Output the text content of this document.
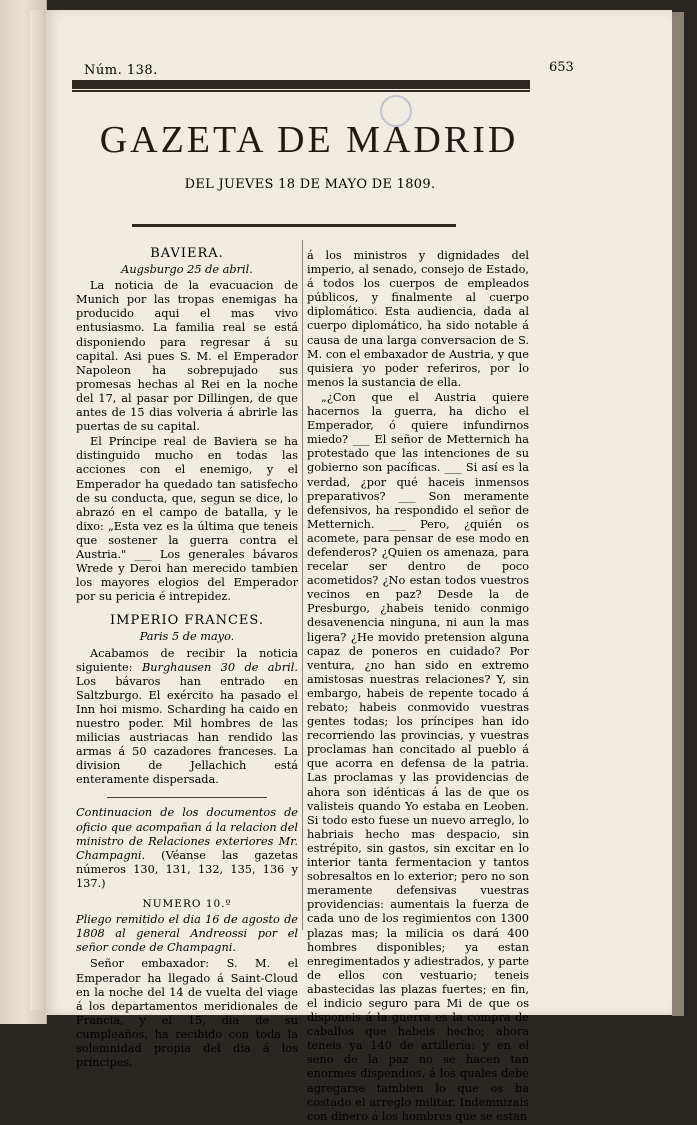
Núm. 138.	653
GAZETA DE MADRID
DEL JUEVES 18 DE MAYO DE 1809.
BAVIERA.
Augsburgo 25 de abril.

La noticia de la evacuacion de Munich por las tropas enemigas ha producido aqui el mas vivo entusiasmo. La familia real se está disponiendo para regresar á su capital. Asi pues S. M. el Emperador Napoleon ha sobrepujado sus promesas hechas al Rei en la noche del 17, al pasar por Dillingen, de que antes de 15 dias volveria á abrirle las puertas de su capital.

El Príncipe real de Baviera se ha distinguido mucho en todas las acciones con el enemigo, y el Emperador ha quedado tan satisfecho de su conducta, que, segun se dice, lo abrazó en el campo de batalla, y le dixo: „Esta vez es la última que teneis que sostener la guerra contra el Austria." ___ Los generales bávaros Wrede y Deroi han merecido tambien los mayores elogios del Emperador por su pericia é intrepidez.

IMPERIO FRANCES.
Paris 5 de mayo.

Acabamos de recibir la noticia siguiente: Burghausen 30 de abril. Los bávaros han entrado en Saltzburgo. El exército ha pasado el Inn hoi mismo. Scharding ha caido en nuestro poder. Mil hombres de las milicias austriacas han rendido las armas á 50 cazadores franceses. La division de Jellachich está enteramente dispersada.

Continuacion de los documentos de oficio que acompañan á la relacion del ministro de Relaciones exteriores Mr. Champagni. (Véanse las gazetas números 130, 131, 132, 135, 136 y 137.)

NUMERO 10.º

Pliego remitido el dia 16 de agosto de 1808 al general Andreossi por el señor conde de Champagni.

Señor embaxador: S. M. el Emperador ha llegado á Saint-Cloud en la noche del 14 de vuelta del viage á los departamentos meridionales de Francia, y el 15, dia de su cumpleaños, ha recibido con toda la solemnidad propia del dia á los príncipes,

á los ministros y dignidades del imperio, al senado, consejo de Estado, á todos los cuerpos de empleados públicos, y finalmente al cuerpo diplomático. Esta audiencia, dada al cuerpo diplomático, ha sido notable á causa de una larga conversacion de S. M. con el embaxador de Austria, y que quisiera yo poder referiros, por lo menos la sustancia de ella.

„¿Con que el Austria quiere hacernos la guerra, ha dicho el Emperador, ó quiere infundirnos miedo? ___ El señor de Metternich ha protestado que las intenciones de su gobierno son pacíficas. ___ Si así es la verdad, ¿por qué haceis inmensos preparativos? ___ Son meramente defensivos, ha respondido el señor de Metternich. ___ Pero, ¿quién os acomete, para pensar de ese modo en defenderos? ¿Quien os amenaza, para recelar ser dentro de poco acometidos? ¿No estan todos vuestros vecinos en paz? Desde la de Presburgo, ¿habeis tenido conmigo desavenencia ninguna, ni aun la mas ligera? ¿He movido pretension alguna capaz de poneros en cuidado? Por ventura, ¿no han sido en extremo amistosas nuestras relaciones? Y, sin embargo, habeis de repente tocado á rebato; habeis conmovido vuestras gentes todas; los príncipes han ido recorriendo las provincias, y vuestras proclamas han concitado al pueblo á que acorra en defensa de la patria. Las proclamas y las providencias de ahora son idénticas á las de que os valisteis quando Yo estaba en Leoben. Si todo esto fuese un nuevo arreglo, lo habriais hecho mas despacio, sin estrépito, sin gastos, sin excitar en lo interior tanta fermentacion y tantos sobresaltos en lo exterior; pero no son meramente defensivas vuestras providencias: aumentais la fuerza de cada uno de los regimientos con 1300 plazas mas; la milicia os dará 400 hombres disponibles; ya estan enregimentados y adiestrados, y parte de ellos con vestuario; teneis abastecidas las plazas fuertes; en fin, el indicio seguro para Mi de que os disponeis á la guerra es la compra de caballos que habeis hecho; ahora teneis ya 140 de artillería: y en el seno de la paz no se hacen tan enormes dispendios, á los quales debe agregarse tambien lo que os ha costado el arreglo militar. Indemnizais con dinero á los hombres que se estan
